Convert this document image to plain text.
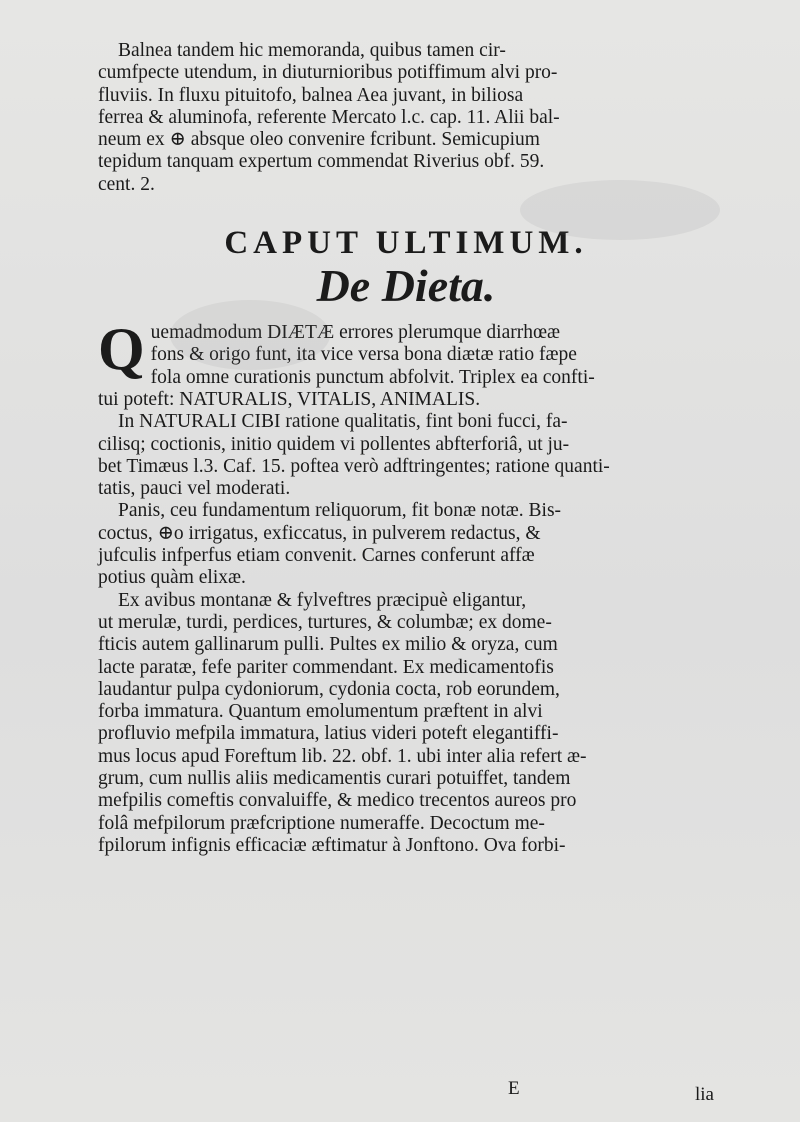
Balnea tandem hic memoranda, quibus tamen cir-
cumfpecte utendum, in diuturnioribus potiffimum alvi pro-
fluviis. In fluxu pituitofo, balnea Aea juvant, in biliosa
ferrea & aluminofa, referente Mercato l.c. cap. 11. Alii bal-
neum ex ⊕ absque oleo convenire fcribunt. Semicupium
tepidum tanquam expertum commendat Riverius obf. 59.
cent. 2.

CAPUT ULTIMUM.
De Dieta.

Q uemadmodum DIÆTÆ errores plerumque diarrhœæ
fons & origo funt, ita vice versa bona diætæ ratio fæpe
fola omne curationis punctum abfolvit. Triplex ea confti-
tui poteft: NATURALIS, VITALIS, ANIMALIS.

In NATURALI CIBI ratione qualitatis, fint boni fucci, fa-
cilisq; coctionis, initio quidem vi pollentes abfterforiâ, ut ju-
bet Timæus l.3. Caf. 15. poftea verò adftringentes; ratione quanti-
tatis, pauci vel moderati.

Panis, ceu fundamentum reliquorum, fit bonæ notæ. Bis-
coctus, ⊕o irrigatus, exficcatus, in pulverem redactus, &
jufculis infperfus etiam convenit. Carnes conferunt affæ
potius quàm elixæ.

Ex avibus montanæ & fylveftres præcipuè eligantur,
ut merulæ, turdi, perdices, turtures, & columbæ; ex dome-
fticis autem gallinarum pulli. Pultes ex milio & oryza, cum
lacte paratæ, fefe pariter commendant. Ex medicamentofis
laudantur pulpa cydoniorum, cydonia cocta, rob eorundem,
forba immatura. Quantum emolumentum præftent in alvi
profluvio mefpila immatura, latius videri poteft elegantiffi-
mus locus apud Foreftum lib. 22. obf. 1. ubi inter alia refert æ-
grum, cum nullis aliis medicamentis curari potuiffet, tandem
mefpilis comeftis convaluiffe, & medico trecentos aureos pro
folâ mefpilorum præfcriptione numeraffe. Decoctum me-
fpilorum infignis efficaciæ æftimatur à Jonftono. Ova forbi-

E	lia
